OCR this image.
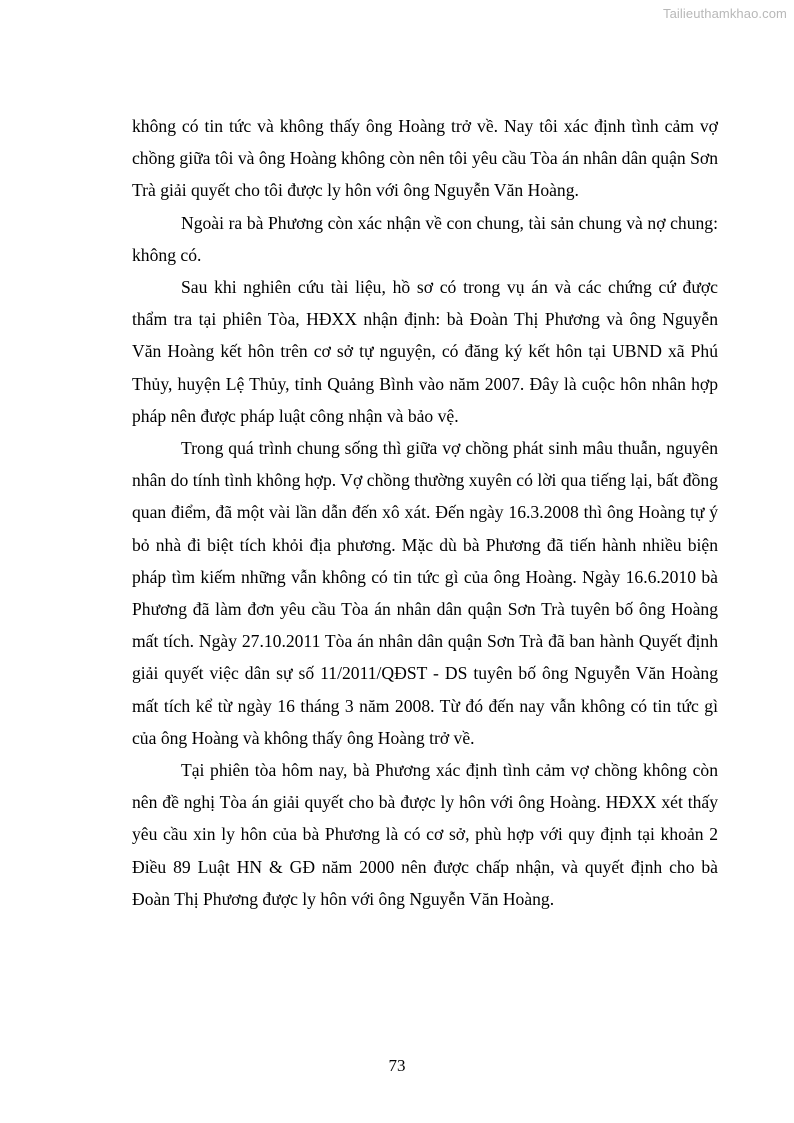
Tailieuthamkhao.com

không có tin tức và không thấy ông Hoàng trở về. Nay tôi xác định tình cảm vợ chồng giữa tôi và ông Hoàng không còn nên tôi yêu cầu Tòa án nhân dân quận Sơn Trà giải quyết cho tôi được ly hôn với ông Nguyễn Văn Hoàng.

Ngoài ra bà Phương còn xác nhận về con chung, tài sản chung và nợ chung: không có.

Sau khi nghiên cứu tài liệu, hồ sơ có trong vụ án và các chứng cứ được thẩm tra tại phiên Tòa, HĐXX nhận định: bà Đoàn Thị Phương và ông Nguyễn Văn Hoàng kết hôn trên cơ sở tự nguyện, có đăng ký kết hôn tại UBND xã Phú Thủy, huyện Lệ Thủy, tỉnh Quảng Bình vào năm 2007. Đây là cuộc hôn nhân hợp pháp nên được pháp luật công nhận và bảo vệ.

Trong quá trình chung sống thì giữa vợ chồng phát sinh mâu thuẫn, nguyên nhân do tính tình không hợp. Vợ chồng thường xuyên có lời qua tiếng lại, bất đồng quan điểm, đã một vài lần dẫn đến xô xát. Đến ngày 16.3.2008 thì ông Hoàng tự ý bỏ nhà đi biệt tích khỏi địa phương. Mặc dù bà Phương đã tiến hành nhiều biện pháp tìm kiếm những vẫn không có tin tức gì của ông Hoàng. Ngày 16.6.2010 bà Phương đã làm đơn yêu cầu Tòa án nhân dân quận Sơn Trà tuyên bố ông Hoàng mất tích. Ngày 27.10.2011 Tòa án nhân dân quận Sơn Trà đã ban hành Quyết định giải quyết việc dân sự số 11/2011/QĐST - DS tuyên bố ông Nguyễn Văn Hoàng mất tích kể từ ngày 16 tháng 3 năm 2008. Từ đó đến nay vẫn không có tin tức gì của ông Hoàng và không thấy ông Hoàng trở về.

Tại phiên tòa hôm nay, bà Phương xác định tình cảm vợ chồng không còn nên đề nghị Tòa án giải quyết cho bà được ly hôn với ông Hoàng. HĐXX xét thấy yêu cầu xin ly hôn của bà Phương là có cơ sở, phù hợp với quy định tại khoản 2 Điều 89 Luật HN & GĐ năm 2000 nên được chấp nhận, và quyết định cho bà Đoàn Thị Phương được ly hôn với ông Nguyễn Văn Hoàng.

73
